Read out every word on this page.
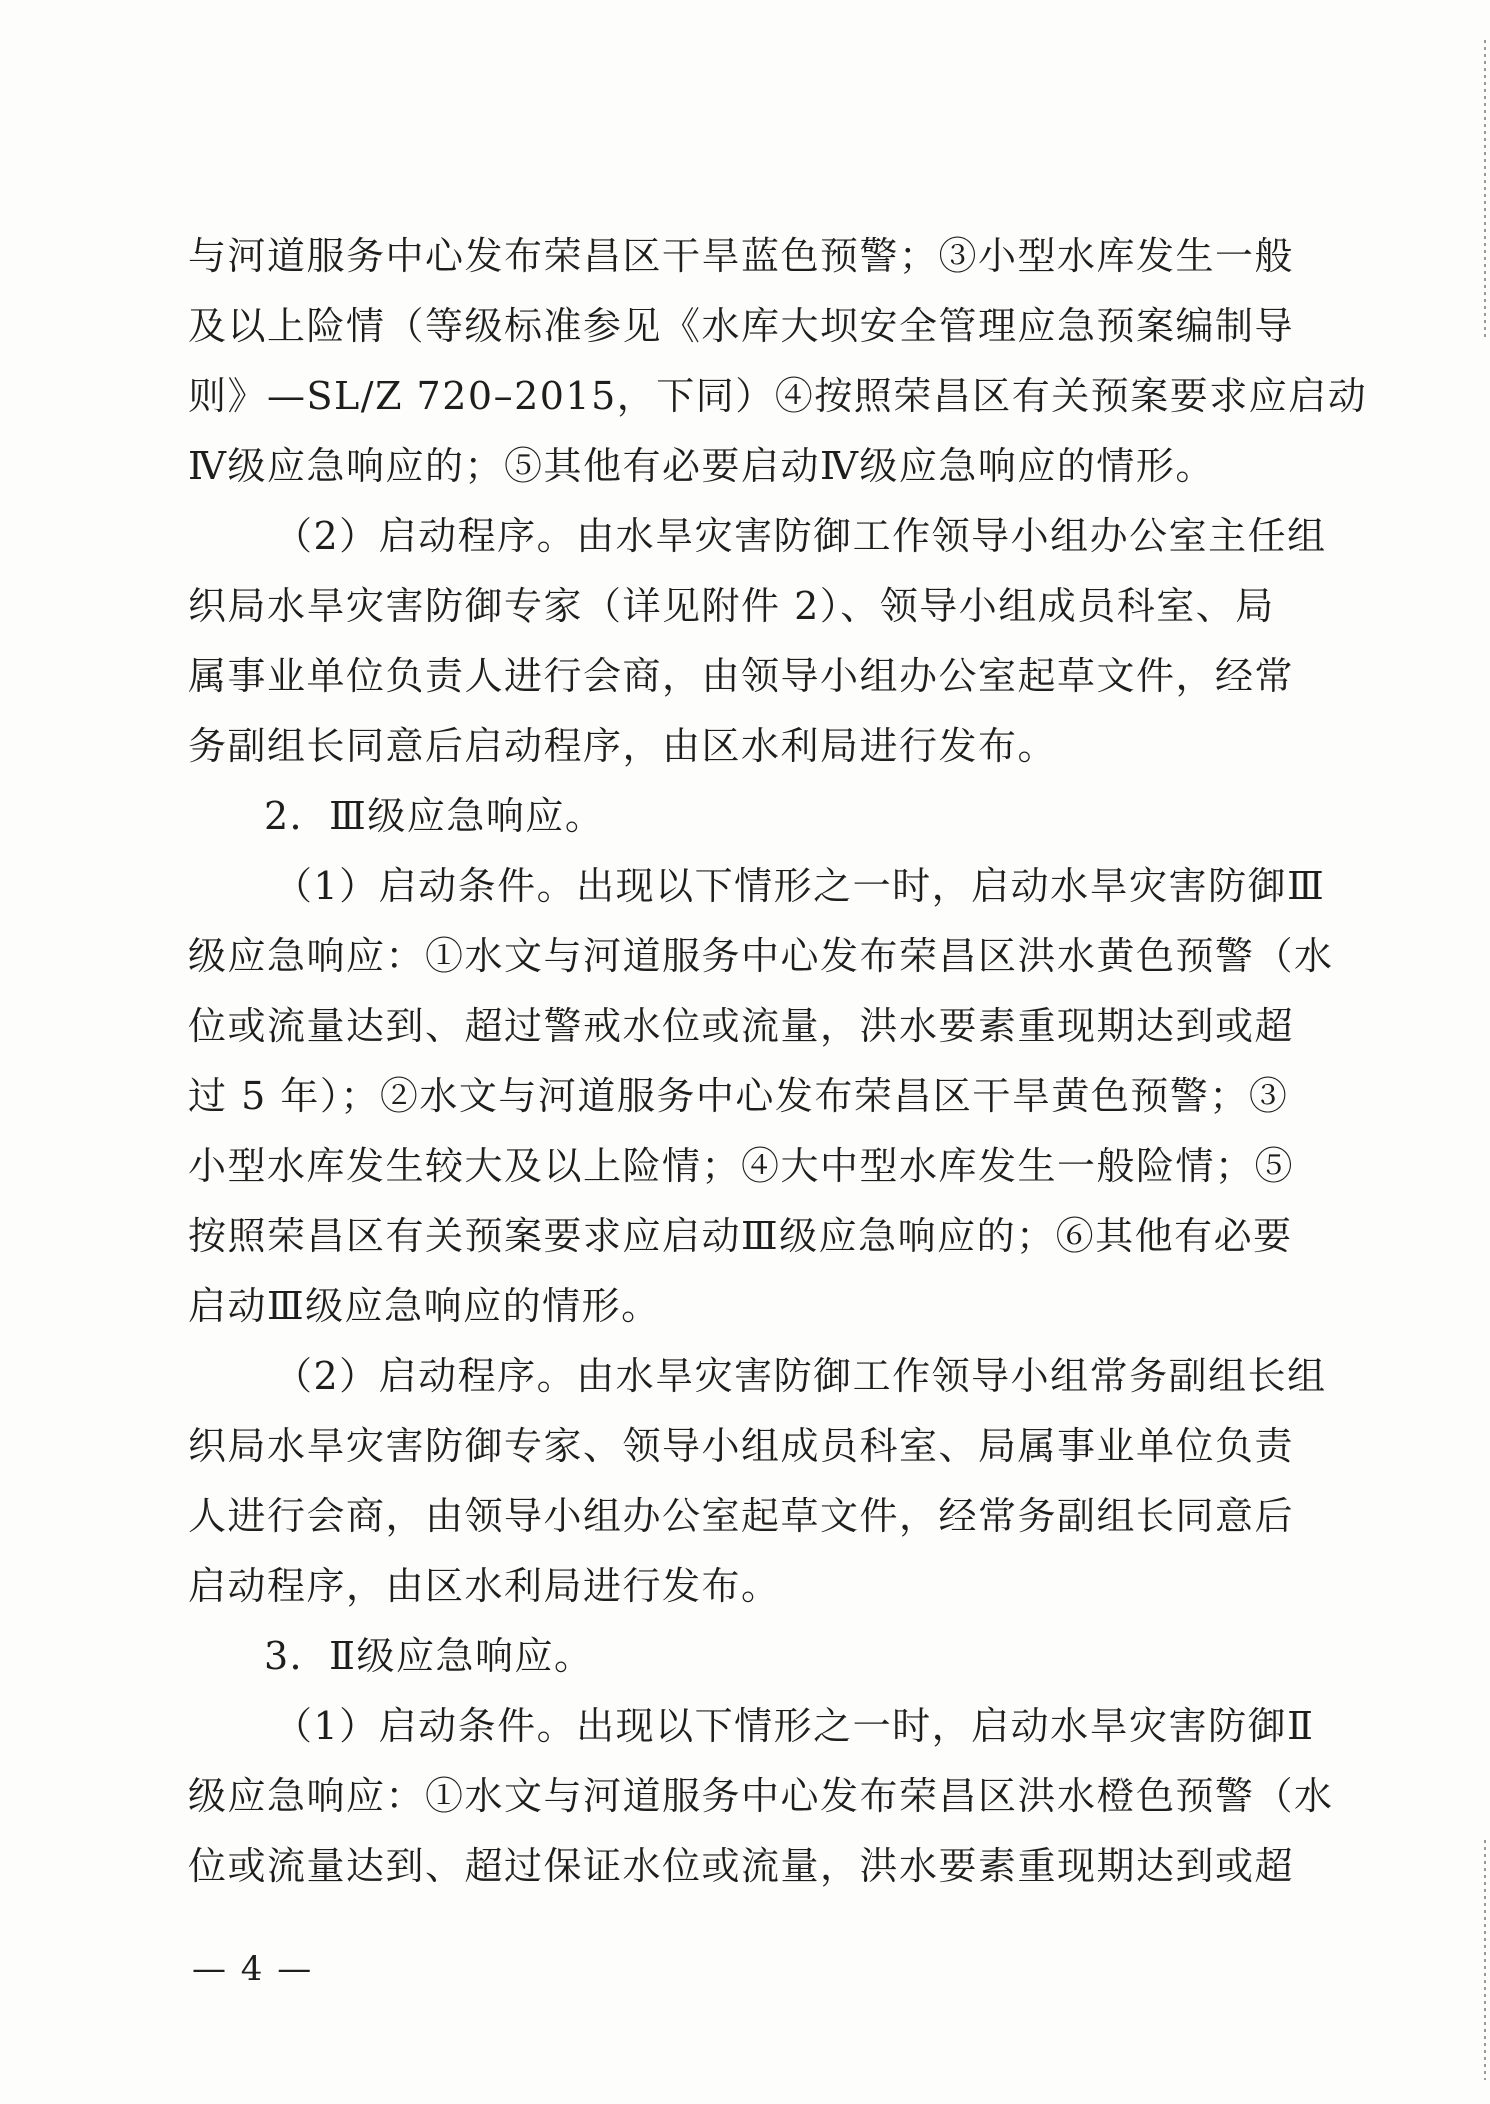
与河道服务中心发布荣昌区干旱蓝色预警；③小型水库发生一般
及以上险情（等级标准参见《水库大坝安全管理应急预案编制导
则》—SL/Z 720–2015，下同）④按照荣昌区有关预案要求应启动
Ⅳ级应急响应的；⑤其他有必要启动Ⅳ级应急响应的情形。
（2）启动程序。由水旱灾害防御工作领导小组办公室主任组
织局水旱灾害防御专家（详见附件 2）、领导小组成员科室、局
属事业单位负责人进行会商，由领导小组办公室起草文件，经常
务副组长同意后启动程序，由区水利局进行发布。
2．Ⅲ级应急响应。
（1）启动条件。出现以下情形之一时，启动水旱灾害防御Ⅲ
级应急响应：①水文与河道服务中心发布荣昌区洪水黄色预警（水
位或流量达到、超过警戒水位或流量，洪水要素重现期达到或超
过 5 年）；②水文与河道服务中心发布荣昌区干旱黄色预警；③
小型水库发生较大及以上险情；④大中型水库发生一般险情；⑤
按照荣昌区有关预案要求应启动Ⅲ级应急响应的；⑥其他有必要
启动Ⅲ级应急响应的情形。
（2）启动程序。由水旱灾害防御工作领导小组常务副组长组
织局水旱灾害防御专家、领导小组成员科室、局属事业单位负责
人进行会商，由领导小组办公室起草文件，经常务副组长同意后
启动程序，由区水利局进行发布。
3．Ⅱ级应急响应。
（1）启动条件。出现以下情形之一时，启动水旱灾害防御Ⅱ
级应急响应：①水文与河道服务中心发布荣昌区洪水橙色预警（水
位或流量达到、超过保证水位或流量，洪水要素重现期达到或超
— 4 —
